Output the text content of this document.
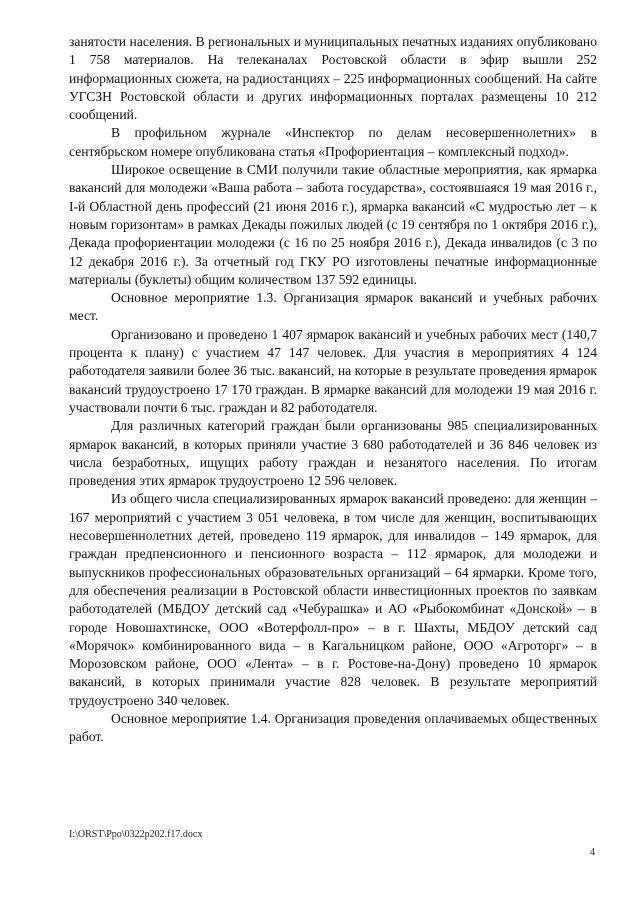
занятости населения. В региональных и муниципальных печатных изданиях опубликовано 1 758 материалов. На телеканалах Ростовской области в эфир вышли 252 информационных сюжета, на радиостанциях – 225 информационных сообщений. На сайте УГСЗН Ростовской области и других информационных порталах размещены 10 212 сообщений.

В профильном журнале «Инспектор по делам несовершеннолетних» в сентябрьском номере опубликована статья «Профориентация – комплексный подход».

Широкое освещение в СМИ получили такие областные мероприятия, как ярмарка вакансий для молодежи «Ваша работа – забота государства», состоявшаяся 19 мая 2016 г., I-й Областной день профессий (21 июня 2016 г.), ярмарка вакансий «С мудростью лет – к новым горизонтам» в рамках Декады пожилых людей (с 19 сентября по 1 октября 2016 г.), Декада профориентации молодежи (с 16 по 25 ноября 2016 г.), Декада инвалидов (с 3 по 12 декабря 2016 г.). За отчетный год ГКУ РО изготовлены печатные информационные материалы (буклеты) общим количеством 137 592 единицы.

Основное мероприятие 1.3. Организация ярмарок вакансий и учебных рабочих мест.

Организовано и проведено 1 407 ярмарок вакансий и учебных рабочих мест (140,7 процента к плану) с участием 47 147 человек. Для участия в мероприятиях 4 124 работодателя заявили более 36 тыс. вакансий, на которые в результате проведения ярмарок вакансий трудоустроено 17 170 граждан. В ярмарке вакансий для молодежи 19 мая 2016 г. участвовали почти 6 тыс. граждан и 82 работодателя.

Для различных категорий граждан были организованы 985 специализированных ярмарок вакансий, в которых приняли участие 3 680 работодателей и 36 846 человек из числа безработных, ищущих работу граждан и незанятого населения. По итогам проведения этих ярмарок трудоустроено 12 596 человек.

Из общего числа специализированных ярмарок вакансий проведено: для женщин – 167 мероприятий с участием 3 051 человека, в том числе для женщин, воспитывающих несовершеннолетних детей, проведено 119 ярмарок, для инвалидов – 149 ярмарок, для граждан предпенсионного и пенсионного возраста – 112 ярмарок, для молодежи и выпускников профессиональных образовательных организаций – 64 ярмарки. Кроме того, для обеспечения реализации в Ростовской области инвестиционных проектов по заявкам работодателей (МБДОУ детский сад «Чебурашка» и АО «Рыбокомбинат «Донской» – в городе Новошахтинске, ООО «Вотерфолл-про» – в г. Шахты, МБДОУ детский сад «Морячок» комбинированного вида – в Кагальницком районе, ООО «Агроторг» – в Морозовском районе, ООО «Лента» – в г. Ростове-на-Дону) проведено 10 ярмарок вакансий, в которых принимали участие 828 человек. В результате мероприятий трудоустроено 340 человек.

Основное мероприятие 1.4. Организация проведения оплачиваемых общественных работ.

I:\ORST\Ppo\0322p202.f17.docx
4
